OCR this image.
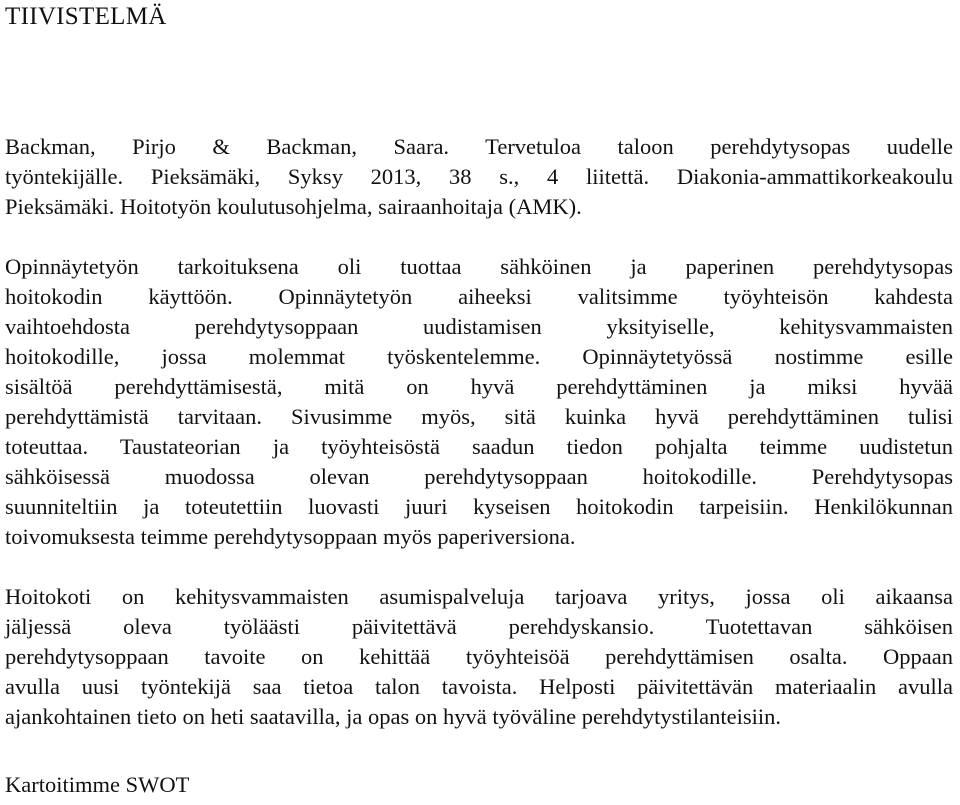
TIIVISTELMÄ

Backman, Pirjo & Backman, Saara. Tervetuloa taloon perehdytysopas uudelle

työntekijälle. Pieksämäki, Syksy 2013, 38 s., 4 liitettä. Diakonia-ammattikorkeakoulu

Pieksämäki. Hoitotyön koulutusohjelma, sairaanhoitaja (AMK).

Opinnäytetyön tarkoituksena oli tuottaa sähköinen ja paperinen perehdytysopas

hoitokodin käyttöön. Opinnäytetyön aiheeksi valitsimme työyhteisön kahdesta

vaihtoehdosta perehdytysoppaan uudistamisen yksityiselle, kehitysvammaisten

hoitokodille, jossa molemmat työskentelemme. Opinnäytetyössä nostimme esille

sisältöä perehdyttämisestä, mitä on hyvä perehdyttäminen ja miksi hyvää

perehdyttämistä tarvitaan. Sivusimme myös, sitä kuinka hyvä perehdyttäminen tulisi

toteuttaa. Taustateorian ja työyhteisöstä saadun tiedon pohjalta teimme uudistetun

sähköisessä muodossa olevan perehdytysoppaan hoitokodille. Perehdytysopas

suunniteltiin ja toteutettiin luovasti juuri kyseisen hoitokodin tarpeisiin. Henkilökunnan

toivomuksesta teimme perehdytysoppaan myös paperiversiona.

Hoitokoti on kehitysvammaisten asumispalveluja tarjoava yritys, jossa oli aikaansa

jäljessä oleva työläästi päivitettävä perehdyskansio. Tuotettavan sähköisen

perehdytysoppaan tavoite on kehittää työyhteisöä perehdyttämisen osalta. Oppaan

avulla uusi työntekijä saa tietoa talon tavoista. Helposti päivitettävän materiaalin avulla

ajankohtainen tieto on heti saatavilla, ja opas on hyvä työväline perehdytystilanteisiin.

Kartoitimme SWOT
